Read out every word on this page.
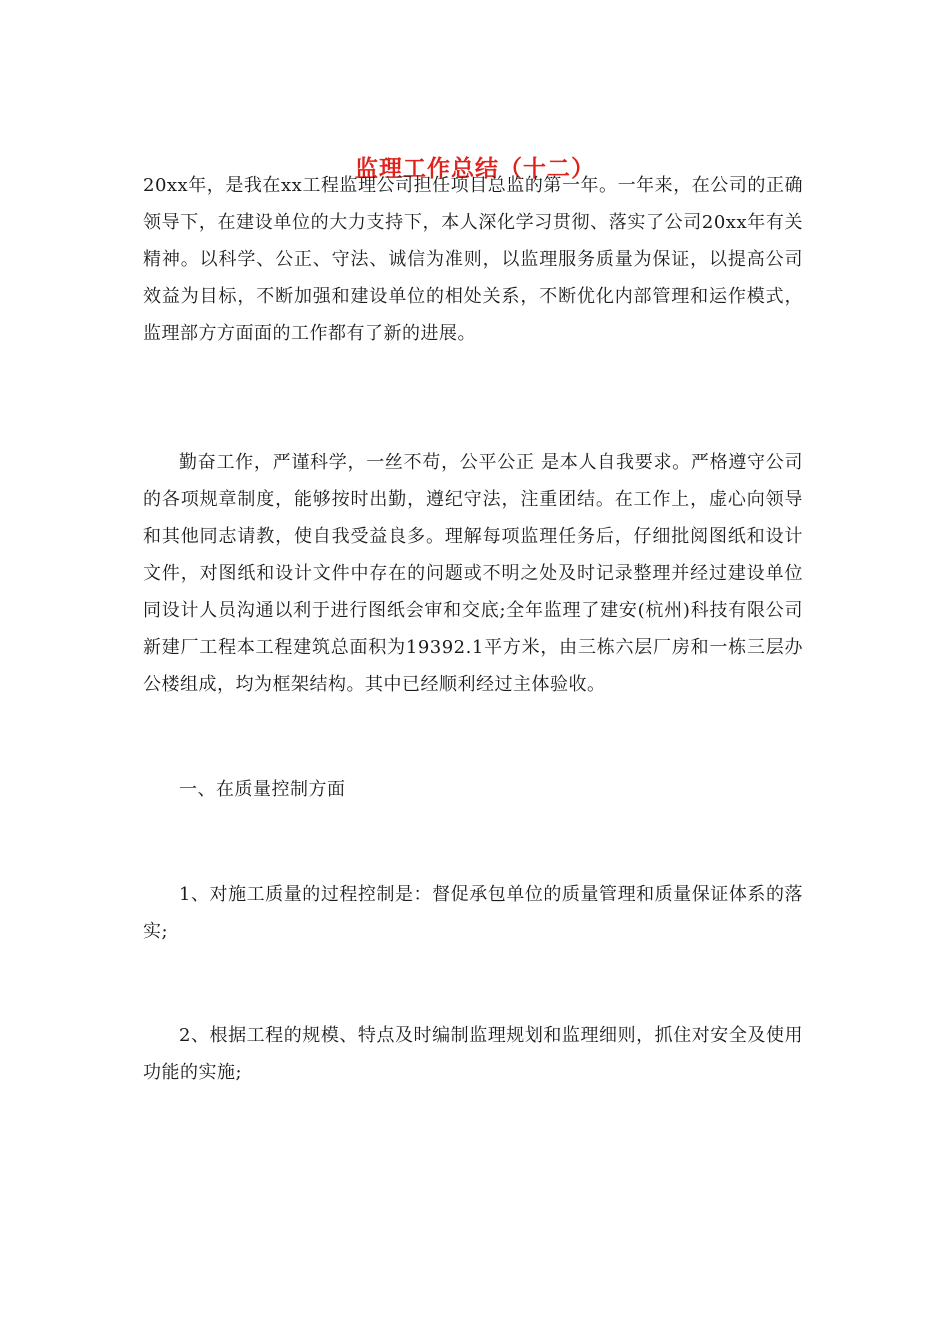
监理工作总结（十二）

20xx年，是我在xx工程监理公司担任项目总监的第一年。一年来，在公司的正确领导下，在建设单位的大力支持下，本人深化学习贯彻、落实了公司20xx年有关精神。以科学、公正、守法、诚信为准则，以监理服务质量为保证，以提高公司效益为目标，不断加强和建设单位的相处关系，不断优化内部管理和运作模式，监理部方方面面的工作都有了新的进展。

勤奋工作，严谨科学，一丝不苟，公平公正 是本人自我要求。严格遵守公司的各项规章制度，能够按时出勤，遵纪守法，注重团结。在工作上，虚心向领导和其他同志请教，使自我受益良多。理解每项监理任务后，仔细批阅图纸和设计文件，对图纸和设计文件中存在的问题或不明之处及时记录整理并经过建设单位同设计人员沟通以利于进行图纸会审和交底;全年监理了建安(杭州)科技有限公司新建厂工程本工程建筑总面积为19392.1平方米，由三栋六层厂房和一栋三层办公楼组成，均为框架结构。其中已经顺利经过主体验收。

一、在质量控制方面

1、对施工质量的过程控制是：督促承包单位的质量管理和质量保证体系的落实;

2、根据工程的规模、特点及时编制监理规划和监理细则，抓住对安全及使用功能的实施;
